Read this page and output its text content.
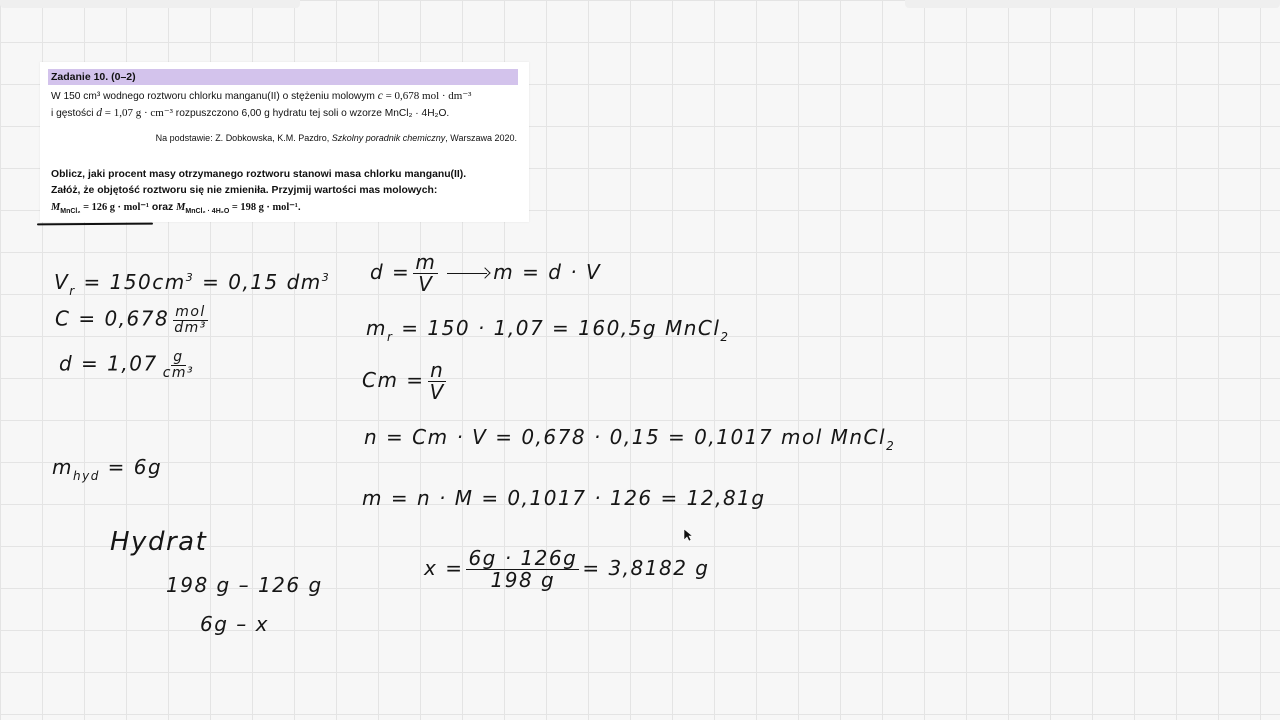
Zadanie 10. (0–2)
W 150 cm³ wodnego roztworu chlorku manganu(II) o stężeniu molowym c = 0,678 mol · dm⁻³
i gęstości d = 1,07 g · cm⁻³ rozpuszczono 6,00 g hydratu tej soli o wzorze MnCl₂ · 4H₂O.
Na podstawie: Z. Dobkowska, K.M. Pazdro, Szkolny poradnik chemiczny, Warszawa 2020.
Oblicz, jaki procent masy otrzymanego roztworu stanowi masa chlorku manganu(II).
Załóż, że objętość roztworu się nie zmieniła. Przyjmij wartości mas molowych:
$M_{MnCl_2} = 126$ g · mol⁻¹ oraz $M_{MnCl_2 \cdot 4H_2O} = 198$ g · mol⁻¹.
$V_r = 150cm^3 = 0,15$ $dm^3$
$C = 0,678 \frac{\text{mol}}{\text{dm³}}$
$d = 1,07 \frac{g}{\text{cm³}}$
$m_{hyd} = 6g$
Hydrat
198 g – 126 g
6g – x
$d = \frac{m}{V}$	m = d · V
$m_r = 150 \cdot 1,07 = 160,5g$ MnCl$_2$
$Cm = \frac{n}{V}$
n = Cm · V = 0,678 · 0,15 = 0,1017 mol MnCl$_2$
m = n · M = 0,1017 · 126 = 12,81g
$x = \frac{6g \cdot 126g}{198 g} = 3,8182$ g
